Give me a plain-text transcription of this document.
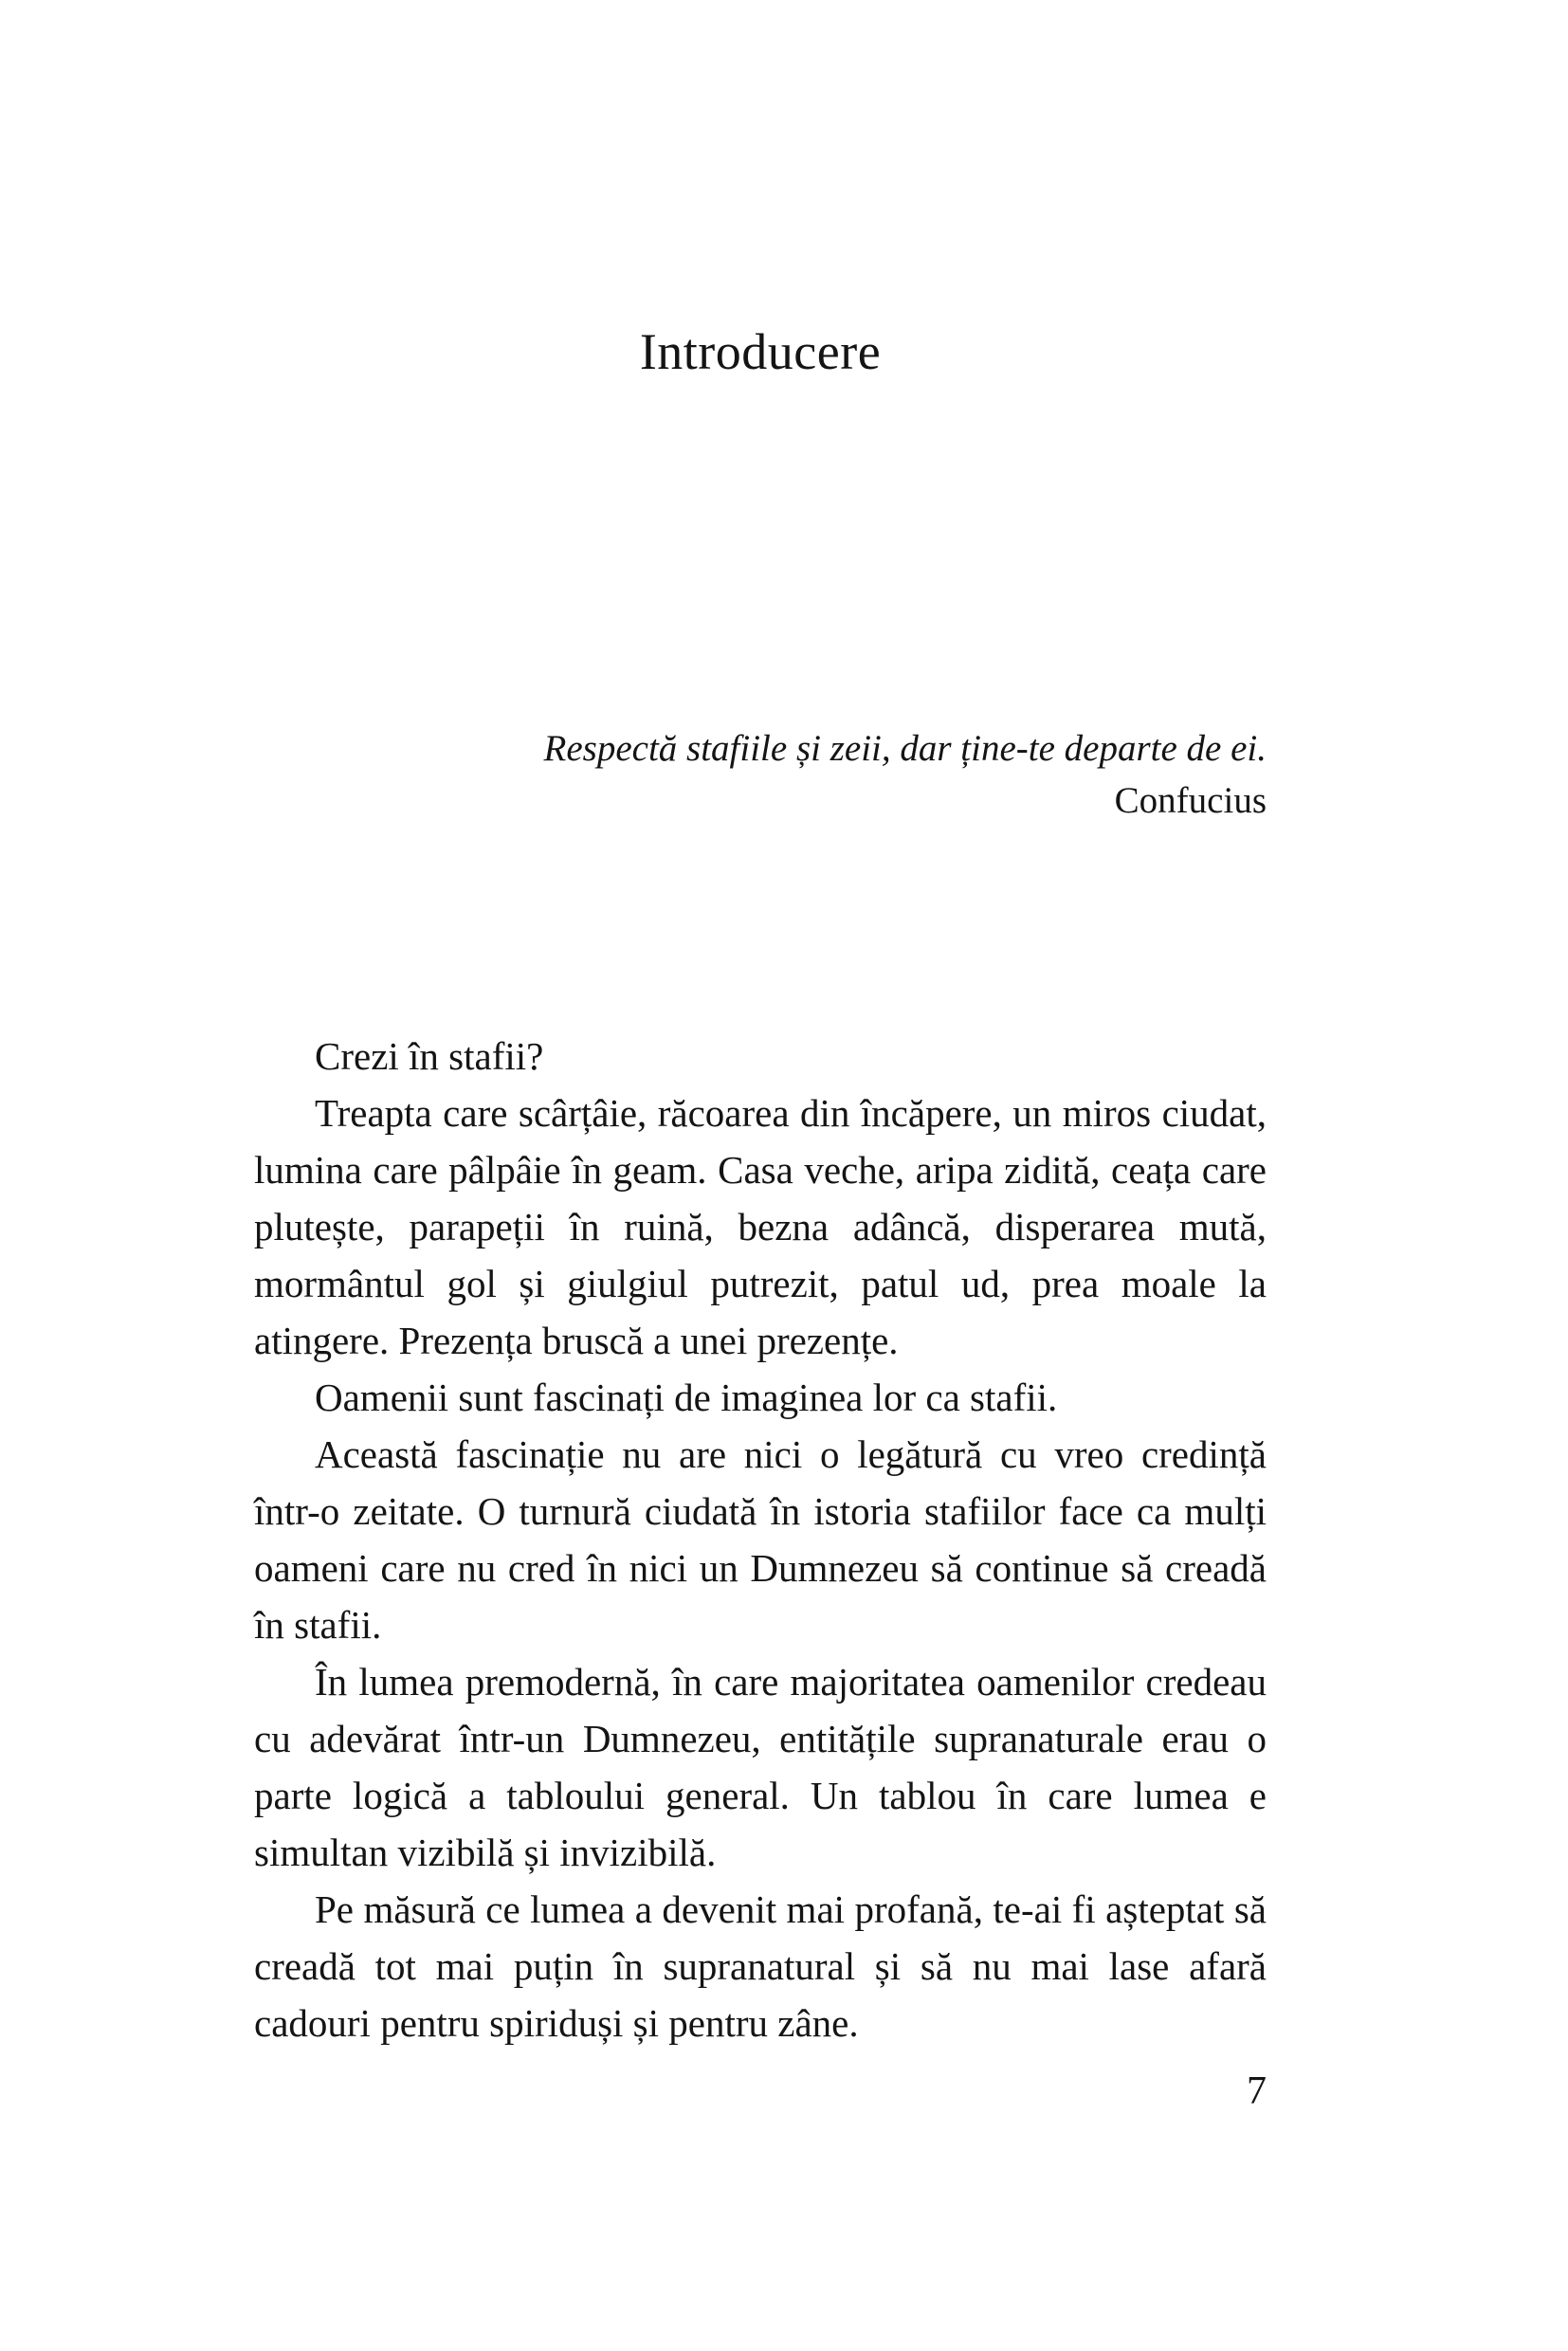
Introducere
Respectă stafiile și zeii, dar ține-te departe de ei.
Confucius

Crezi în stafii?

Treapta care scârțâie, răcoarea din încăpere, un miros ciudat, lumina care pâlpâie în geam. Casa veche, aripa zidită, ceața care plutește, parapeții în ruină, bezna adâncă, disperarea mută, mormântul gol și giulgiul putrezit, patul ud, prea moale la atingere. Prezența bruscă a unei prezențe.

Oamenii sunt fascinați de imaginea lor ca stafii.

Această fascinație nu are nici o legătură cu vreo credință într-o zeitate. O turnură ciudată în istoria stafiilor face ca mulți oameni care nu cred în nici un Dumnezeu să continue să creadă în stafii.

În lumea premodernă, în care majoritatea oamenilor credeau cu adevărat într-un Dumnezeu, entitățile supranaturale erau o parte logică a tabloului general. Un tablou în care lumea e simultan vizibilă și invizibilă.

Pe măsură ce lumea a devenit mai profană, te-ai fi așteptat să creadă tot mai puțin în supranatural și să nu mai lase afară cadouri pentru spiriduși și pentru zâne.

7
